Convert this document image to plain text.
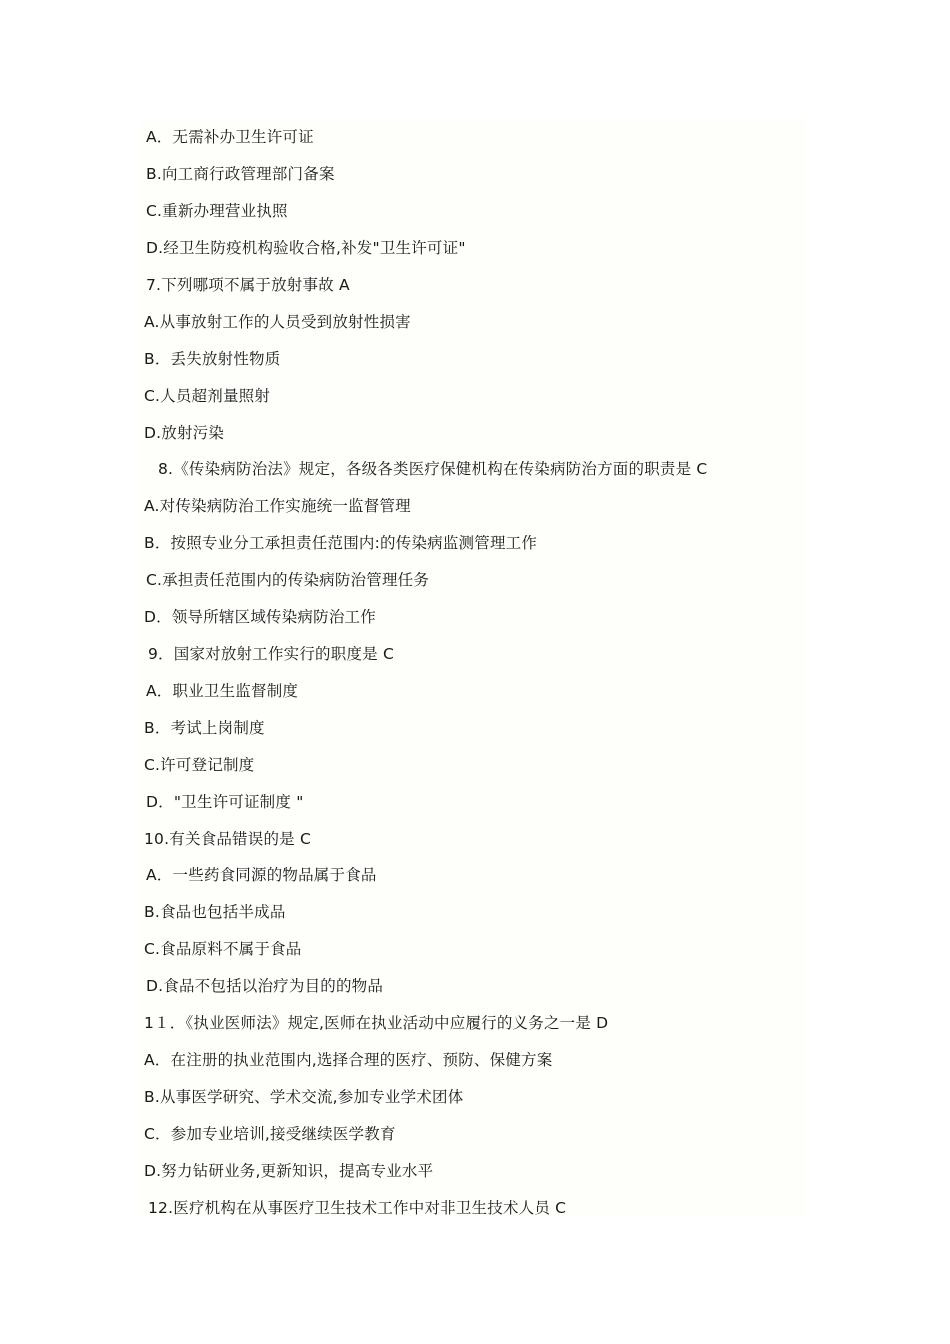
A．无需补办卫生许可证
B.向工商行政管理部门备案
C.重新办理营业执照
D.经卫生防疫机构验收合格,补发"卫生许可证"
7.下列哪项不属于放射事故 A
A.从事放射工作的人员受到放射性损害
B．丢失放射性物质
C.人员超剂量照射
D.放射污染
8.《传染病防治法》规定，各级各类医疗保健机构在传染病防治方面的职责是 C
A.对传染病防治工作实施统一监督管理
B．按照专业分工承担责任范围内:的传染病监测管理工作
C.承担责任范围内的传染病防治管理任务
D．领导所辖区域传染病防治工作
9．国家对放射工作实行的职度是 C
A．职业卫生监督制度
B．考试上岗制度
C.许可登记制度
D．"卫生许可证制度 "
10.有关食品错误的是 C
A．一些药食同源的物品属于食品
B.食品也包括半成品
C.食品原料不属于食品
D.食品不包括以治疗为目的的物品
1１．《执业医师法》规定,医师在执业活动中应履行的义务之一是 D
A．在注册的执业范围内,选择合理的医疗、预防、保健方案
B.从事医学研究、学术交流,参加专业学术团体
C．参加专业培训,接受继续医学教育
D.努力钻研业务,更新知识，提高专业水平
12.医疗机构在从事医疗卫生技术工作中对非卫生技术人员 C
